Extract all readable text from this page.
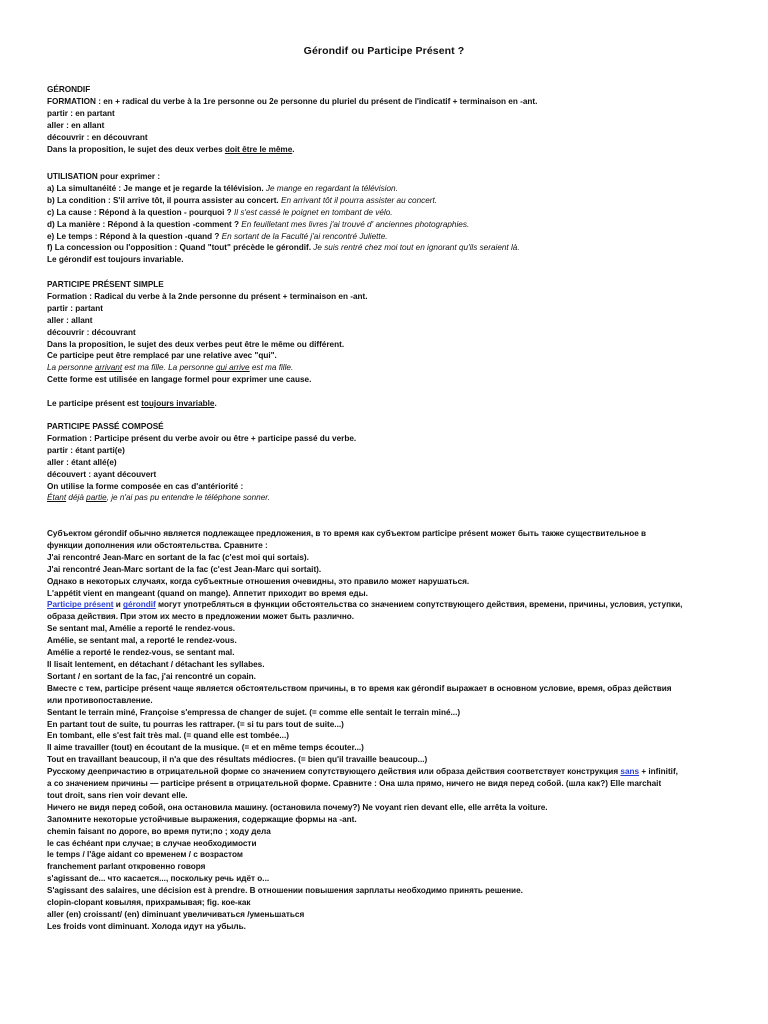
Gérondif ou Participe Présent ?
GÉRONDIF
FORMATION : en + radical du verbe à la 1re personne ou 2e personne du pluriel du présent de l'indicatif + terminaison en -ant.
partir : en partant
aller : en allant
découvrir : en découvrant
Dans la proposition, le sujet des deux verbes doit être le même.
UTILISATION pour exprimer :
a) La simultanéité : Je mange et je regarde la télévision. Je mange en regardant la télévision.
b) La condition : S'il arrive tôt, il pourra assister au concert. En arrivant tôt il pourra assister au concert.
c) La cause : Répond à la question - pourquoi ? Il s'est cassé le poignet en tombant de vélo.
d) La manière : Répond à la question -comment ? En feuilletant mes livres j'ai trouvé d' anciennes photographies.
e) Le temps : Répond à la question -quand ? En sortant de la Faculté j'ai rencontré Juliette.
f) La concession ou l'opposition : Quand "tout" précède le gérondif. Je suis rentré chez moi tout en ignorant qu'ils seraient là.
Le gérondif est toujours invariable.
PARTICIPE PRÉSENT SIMPLE
Formation : Radical du verbe à la 2nde personne du présent + terminaison en -ant.
partir : partant
aller : allant
découvrir : découvrant
Dans la proposition, le sujet des deux verbes peut être le même ou différent.
Ce participe peut être remplacé par une relative avec "qui".
La personne arrivant est ma fille. La personne qui arrive est ma fille.
Cette forme est utilisée en langage formel pour exprimer une cause.
Le participe présent est toujours invariable.
PARTICIPE PASSÉ COMPOSÉ
Formation : Participe présent du verbe avoir ou être + participe passé du verbe.
partir : étant parti(e)
aller : étant allé(e)
découvert : ayant découvert
On utilise la forme composée en cas d'antériorité :
Étant déjà partie, je n'ai pas pu entendre le téléphone sonner.
Субъектом gérondif обычно является подлежащее предложения, в то время как субъектом participe présent может быть также существительное в
функции дополнения или обстоятельства. Сравните :
J'ai rencontré Jean-Marc en sortant de la fac (c'est moi qui sortais).
J'ai rencontré Jean-Marc sortant de la fac (c'est Jean-Marc qui sortait).
Однако в некоторых случаях, когда субъектные отношения очевидны, это правило может нарушаться.
L'appétit vient en mangeant (quand on mange). Аппетит приходит во время еды.
Participe présent и gérondif могут употребляться в функции обстоятельства со значением сопутствующего действия, времени, причины, условия, уступки,
образа действия. При этом их место в предложении может быть различно.
Se sentant mal, Amélie a reporté le rendez-vous.
Amélie, se sentant mal, a reporté le rendez-vous.
Amélie a reporté le rendez-vous, se sentant mal.
Il lisait lentement, en détachant / détachant les syllabes.
Sortant / en sortant de la fac, j'ai rencontré un copain.
Вместе с тем, participe présent чаще является обстоятельством причины, в то время как gérondif выражает в основном условие, время, образ действия
или противопоставление.
Sentant le terrain miné, Françoise s'empressa de changer de sujet. (= comme elle sentait le terrain miné...)
En partant tout de suite, tu pourras les rattraper. (= si tu pars tout de suite...)
En tombant, elle s'est fait très mal. (= quand elle est tombée...)
Il aime travailler (tout) en écoutant de la musique. (= et en même temps écouter...)
Tout en travaillant beaucoup, il n'a que des résultats médiocres. (= bien qu'il travaille beaucoup...)
Русскому деепричастию в отрицательной форме со значением сопутствующего действия или образа действия соответствует конструкция sans + infinitif,
а со значением причины — participe présent в отрицательной форме. Сравните : Она шла прямо, ничего не видя перед собой. (шла как?) Elle marchait
tout droit, sans rien voir devant elle.
Ничего не видя перед собой, она остановила машину. (остановила почему?) Ne voyant rien devant elle, elle arrêta la voiture.
Запомните некоторые устойчивые выражения, содержащие формы на -ant.
chemin faisant по дороге, во время пути;по ; ходу дела
le cas échéant при случае; в случае необходимости
le temps / l'âge aidant со временем / с возрастом
franchement parlant откровенно говоря
s'agissant de... что касается..., поскольку речь идёт о...
S'agissant des salaires, une décision est à prendre. В отношении повышения зарплаты необходимо принять решение.
clopin-clopant ковыляя, прихрамывая; fig. кое-как
aller (en) croissant/ (en) diminuant увеличиваться /уменьшаться
Les froids vont diminuant. Холода идут на убыль.
